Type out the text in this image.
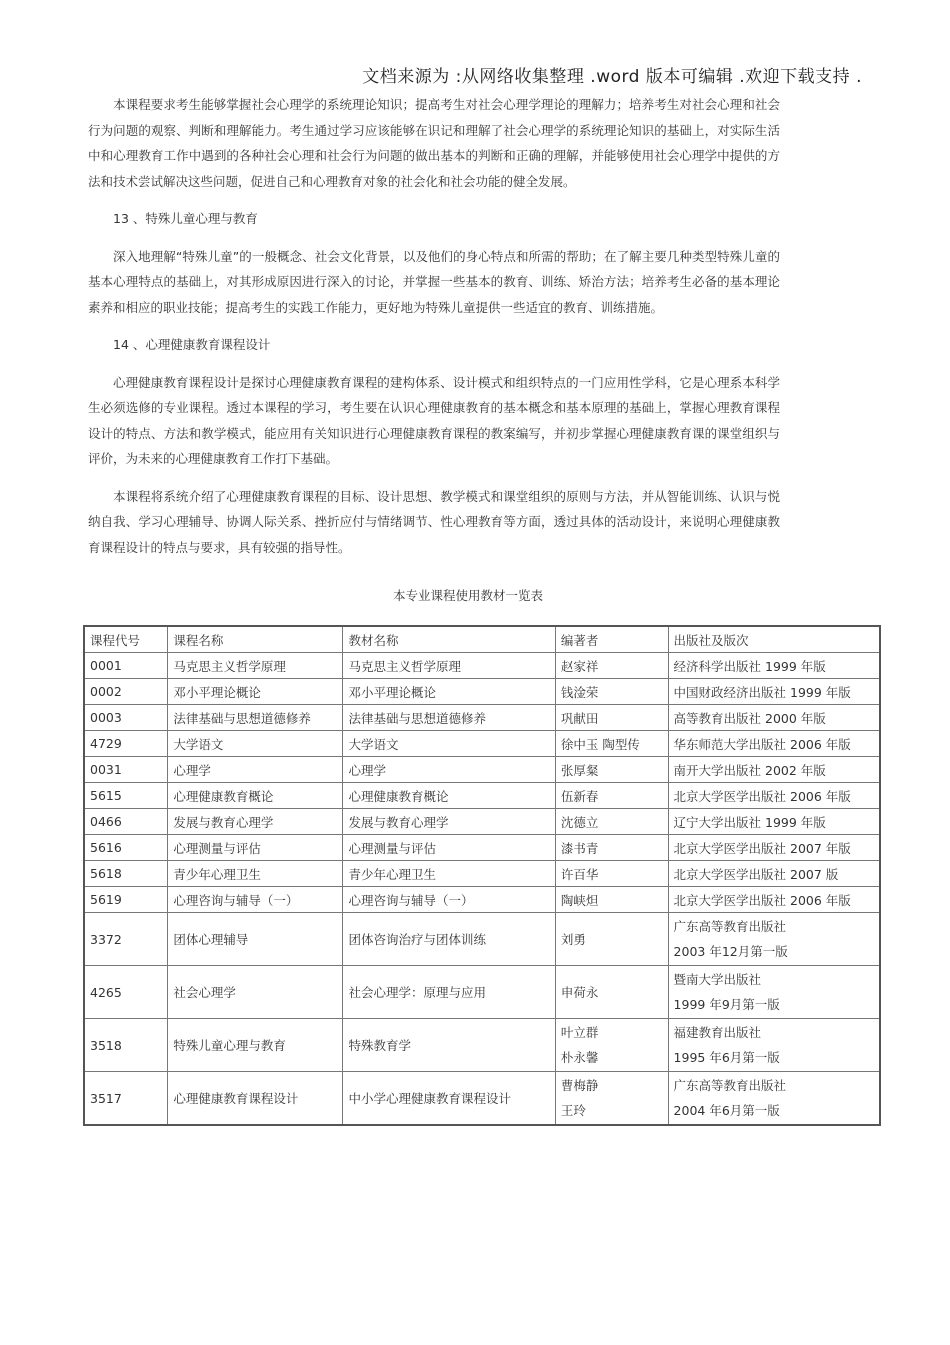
文档来源为 :从网络收集整理 .word 版本可编辑 .欢迎下载支持 .

本课程要求考生能够掌握社会心理学的系统理论知识；提高考生对社会心理学理论的理解力；培养考生对社会心理和社会行为问题的观察、判断和理解能力。考生通过学习应该能够在识记和理解了社会心理学的系统理论知识的基础上，对实际生活中和心理教育工作中遇到的各种社会心理和社会行为问题的做出基本的判断和正确的理解，并能够使用社会心理学中提供的方法和技术尝试解决这些问题，促进自己和心理教育对象的社会化和社会功能的健全发展。

13 、特殊儿童心理与教育

深入地理解“特殊儿童”的一般概念、社会文化背景，以及他们的身心特点和所需的帮助；在了解主要几种类型特殊儿童的基本心理特点的基础上，对其形成原因进行深入的讨论，并掌握一些基本的教育、训练、矫治方法；培养考生必备的基本理论素养和相应的职业技能；提高考生的实践工作能力，更好地为特殊儿童提供一些适宜的教育、训练措施。

14 、心理健康教育课程设计

心理健康教育课程设计是探讨心理健康教育课程的建构体系、设计模式和组织特点的一门应用性学科，它是心理系本科学生必须选修的专业课程。透过本课程的学习，考生要在认识心理健康教育的基本概念和基本原理的基础上，掌握心理教育课程设计的特点、方法和教学模式，能应用有关知识进行心理健康教育课程的教案编写，并初步掌握心理健康教育课的课堂组织与评价，为未来的心理健康教育工作打下基础。

本课程将系统介绍了心理健康教育课程的目标、设计思想、教学模式和课堂组织的原则与方法，并从智能训练、认识与悦纳自我、学习心理辅导、协调人际关系、挫折应付与情绪调节、性心理教育等方面，透过具体的活动设计，来说明心理健康教育课程设计的特点与要求，具有较强的指导性。

本专业课程使用教材一览表
课程代号	课程名称	教材名称	编著者	出版社及版次
0001	马克思主义哲学原理	马克思主义哲学原理	赵家祥	经济科学出版社 1999 年版
0002	邓小平理论概论	邓小平理论概论	钱淦荣	中国财政经济出版社 1999 年版
0003	法律基础与思想道德修养	法律基础与思想道德修养	巩献田	高等教育出版社 2000 年版
4729	大学语文	大学语文	徐中玉 陶型传	华东师范大学出版社 2006 年版
0031	心理学	心理学	张厚粲	南开大学出版社 2002 年版
5615	心理健康教育概论	心理健康教育概论	伍新春	北京大学医学出版社 2006 年版
0466	发展与教育心理学	发展与教育心理学	沈德立	辽宁大学出版社 1999 年版
5616	心理测量与评估	心理测量与评估	漆书青	北京大学医学出版社 2007 年版
5618	青少年心理卫生	青少年心理卫生	许百华	北京大学医学出版社 2007 版
5619	心理咨询与辅导（一）	心理咨询与辅导（一）	陶峡炟	北京大学医学出版社 2006 年版
3372	团体心理辅导	团体咨询治疗与团体训练	刘勇	广东高等教育出版社
2003 年12月第一版

4265	社会心理学	社会心理学：原理与应用	申荷永	暨南大学出版社
1999 年9月第一版

3518	特殊儿童心理与教育	特殊教育学	叶立群
朴永馨	福建教育出版社
1995 年6月第一版

3517	心理健康教育课程设计	中小学心理健康教育课程设计	曹梅静
王玲	广东高等教育出版社
2004 年6月第一版
